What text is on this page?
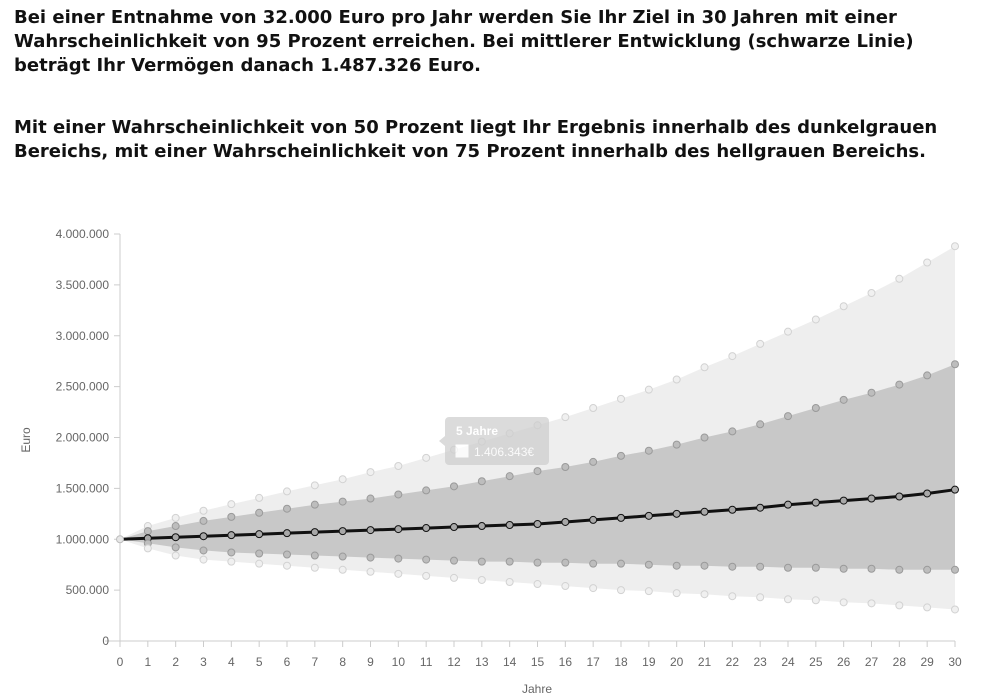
Bei einer Entnahme von 32.000 Euro pro Jahr werden Sie Ihr Ziel in 30 Jahren mit einer Wahrscheinlichkeit von 95 Prozent erreichen. Bei mittlerer Entwicklung (schwarze Linie) beträgt Ihr Vermögen danach 1.487.326 Euro.

Mit einer Wahrscheinlichkeit von 50 Prozent liegt Ihr Ergebnis innerhalb des dunkelgrauen Bereichs, mit einer Wahrscheinlichkeit von 75 Prozent innerhalb des hellgrauen Bereichs.

0
500.000
1.000.000
1.500.000
2.000.000
2.500.000
3.000.000
3.500.000
4.000.000
0 1 2 3 4 5 6 7 8 9 10 11 12 13 14 15 16 17 18 19 20 21 22 23 24 25 26 27 28 29 30
Euro
Jahre
5 Jahre
1.406.343€
